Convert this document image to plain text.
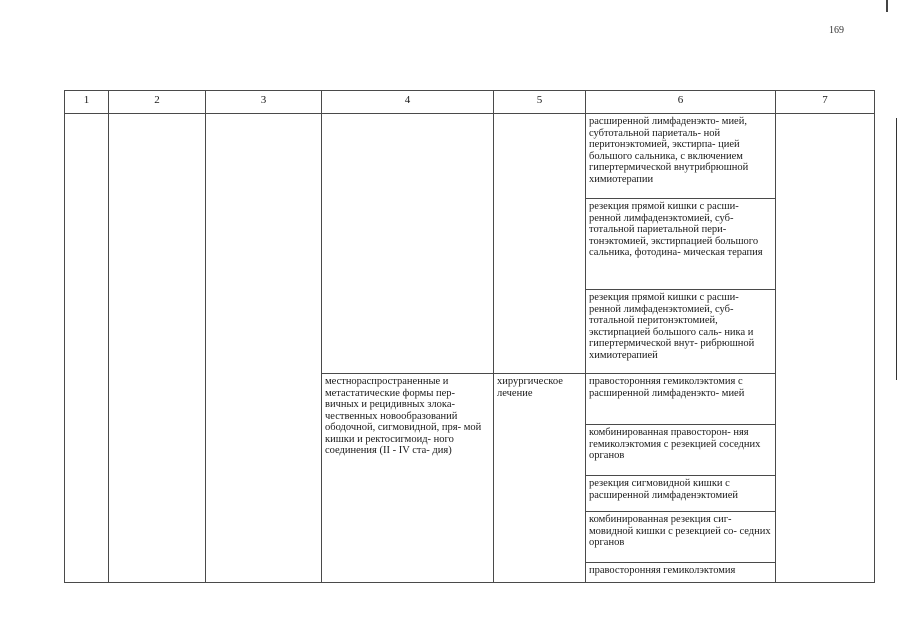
169
1	2	3	4	5	6	7
					расширенной лимфаденэкто- мией, субтотальной париеталь- ной перитонэктомией, экстирпа- цией большого сальника, с включением гипертермической внутрибрюшной химиотерапии	
					резекция прямой кишки с расши- ренной лимфаденэктомией, суб- тотальной париетальной пери- тонэктомией, экстирпацией большого сальника, фотодина- мическая терапия	
					резекция прямой кишки с расши- ренной лимфаденэктомией, суб- тотальной перитонэктомией, экстирпацией большого саль- ника и гипертермической внут- рибрюшной химиотерапией	
			местнораспространенные и метастатические формы пер- вичных и рецидивных злока- чественных новообразований ободочной, сигмовидной, пря- мой кишки и ректосигмоид- ного соединения (II - IV ста- дия)	хирургическое лечение	правосторонняя гемиколэктомия с расширенной лимфаденэкто- мией	
					комбинированная правосторон- няя гемиколэктомия с резекцией соседних органов	
					резекция сигмовидной кишки с расширенной лимфаденэктомией	
					комбинированная резекция сиг- мовидной кишки с резекцией со- седних органов	
					правосторонняя гемиколэктомия	
